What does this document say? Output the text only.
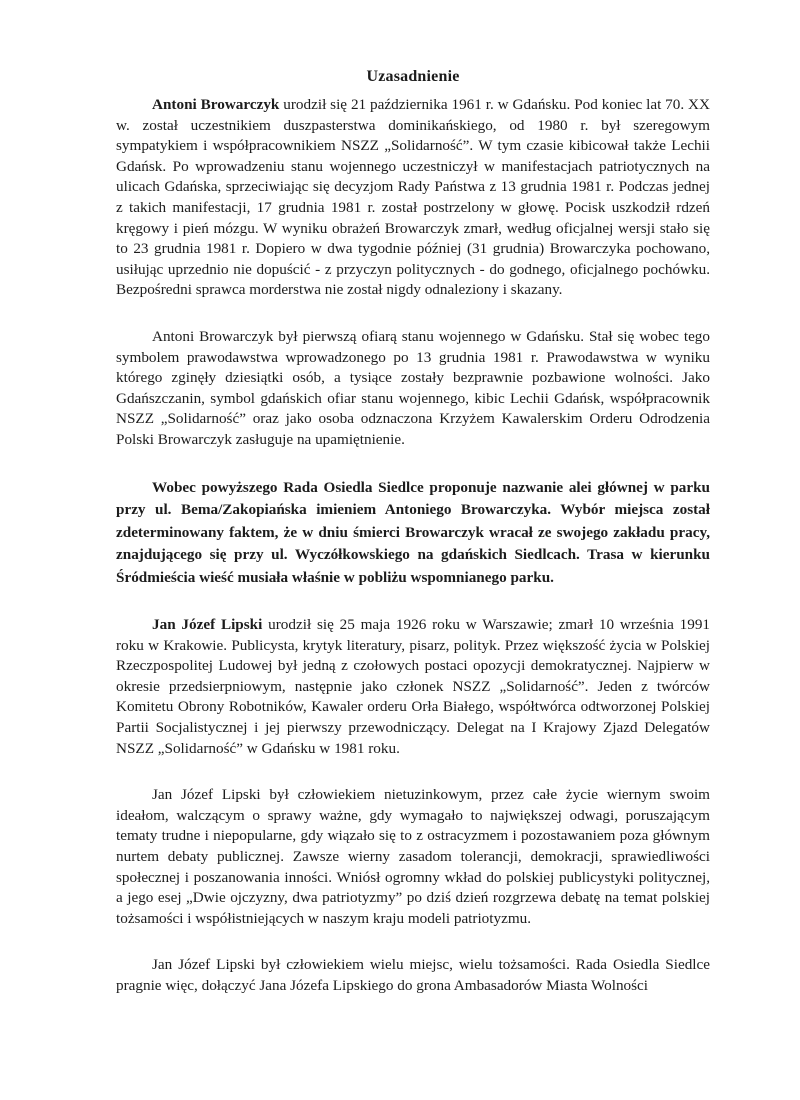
Uzasadnienie

Antoni Browarczyk urodził się 21 października 1961 r. w Gdańsku. Pod koniec lat 70. XX w. został uczestnikiem duszpasterstwa dominikańskiego, od 1980 r. był szeregowym sympatykiem i współpracownikiem NSZZ „Solidarność”. W tym czasie kibicował także Lechii Gdańsk. Po wprowadzeniu stanu wojennego uczestniczył w manifestacjach patriotycznych na ulicach Gdańska, sprzeciwiając się decyzjom Rady Państwa z 13 grudnia 1981 r. Podczas jednej z takich manifestacji, 17 grudnia 1981 r. został postrzelony w głowę. Pocisk uszkodził rdzeń kręgowy i pień mózgu. W wyniku obrażeń Browarczyk zmarł, według oficjalnej wersji stało się to 23 grudnia 1981 r. Dopiero w dwa tygodnie później (31 grudnia) Browarczyka pochowano, usiłując uprzednio nie dopuścić - z przyczyn politycznych - do godnego, oficjalnego pochówku. Bezpośredni sprawca morderstwa nie został nigdy odnaleziony i skazany.

Antoni Browarczyk był pierwszą ofiarą stanu wojennego w Gdańsku. Stał się wobec tego symbolem prawodawstwa wprowadzonego po 13 grudnia 1981 r. Prawodawstwa w wyniku którego zginęły dziesiątki osób, a tysiące zostały bezprawnie pozbawione wolności. Jako Gdańszczanin, symbol gdańskich ofiar stanu wojennego, kibic Lechii Gdańsk, współpracownik NSZZ „Solidarność” oraz jako osoba odznaczona Krzyżem Kawalerskim Orderu Odrodzenia Polski Browarczyk zasługuje na upamiętnienie.

Wobec powyższego Rada Osiedla Siedlce proponuje nazwanie alei głównej w parku przy ul. Bema/Zakopiańska imieniem Antoniego Browarczyka. Wybór miejsca został zdeterminowany faktem, że w dniu śmierci Browarczyk wracał ze swojego zakładu pracy, znajdującego się przy ul. Wyczółkowskiego na gdańskich Siedlcach. Trasa w kierunku Śródmieścia wieść musiała właśnie w pobliżu wspomnianego parku.

Jan Józef Lipski urodził się 25 maja 1926 roku w Warszawie; zmarł 10 września 1991 roku w Krakowie. Publicysta, krytyk literatury, pisarz, polityk. Przez większość życia w Polskiej Rzeczpospolitej Ludowej był jedną z czołowych postaci opozycji demokratycznej. Najpierw w okresie przedsierpniowym, następnie jako członek NSZZ „Solidarność”. Jeden z twórców Komitetu Obrony Robotników, Kawaler orderu Orła Białego, współtwórca odtworzonej Polskiej Partii Socjalistycznej i jej pierwszy przewodniczący. Delegat na I Krajowy Zjazd Delegatów NSZZ „Solidarność” w Gdańsku w 1981 roku.

Jan Józef Lipski był człowiekiem nietuzinkowym, przez całe życie wiernym swoim ideałom, walczącym o sprawy ważne, gdy wymagało to największej odwagi, poruszającym tematy trudne i niepopularne, gdy wiązało się to z ostracyzmem i pozostawaniem poza głównym nurtem debaty publicznej. Zawsze wierny zasadom tolerancji, demokracji, sprawiedliwości społecznej i poszanowania inności. Wniósł ogromny wkład do polskiej publicystyki politycznej, a jego esej „Dwie ojczyzny, dwa patriotyzmy” po dziś dzień rozgrzewa debatę na temat polskiej tożsamości i współistniejących w naszym kraju modeli patriotyzmu.

Jan Józef Lipski był człowiekiem wielu miejsc, wielu tożsamości. Rada Osiedla Siedlce pragnie więc, dołączyć Jana Józefa Lipskiego do grona Ambasadorów Miasta Wolności
